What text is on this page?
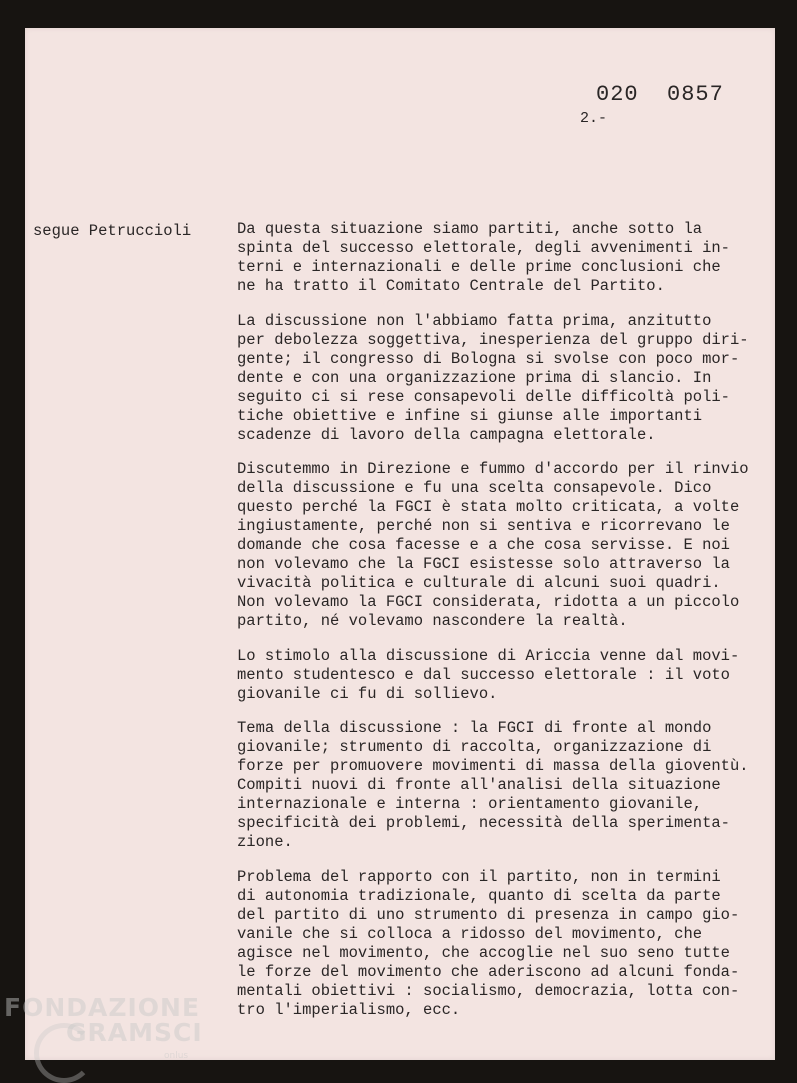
020  0857
2.-
segue Petruccioli	Da questa situazione siamo partiti, anche sotto la
spinta del successo elettorale, degli avvenimenti in-
terni e internazionali e delle prime conclusioni che
ne ha tratto il Comitato Centrale del Partito.
La discussione non l'abbiamo fatta prima, anzitutto
per debolezza soggettiva, inesperienza del gruppo diri-
gente; il congresso di Bologna si svolse con poco mor-
dente e con una organizzazione prima di slancio. In
seguito ci si rese consapevoli delle difficoltà poli-
tiche obiettive e infine si giunse alle importanti
scadenze di lavoro della campagna elettorale.
Discutemmo in Direzione e fummo d'accordo per il rinvio
della discussione e fu una scelta consapevole. Dico
questo perché la FGCI è stata molto criticata, a volte
ingiustamente, perché non si sentiva e ricorrevano le
domande che cosa facesse e a che cosa servisse. E noi
non volevamo che la FGCI esistesse solo attraverso la
vivacità politica e culturale di alcuni suoi quadri.
Non volevamo la FGCI considerata, ridotta a un piccolo
partito, né volevamo nascondere la realtà.
Lo stimolo alla discussione di Ariccia venne dal movi-
mento studentesco e dal successo elettorale : il voto
giovanile ci fu di sollievo.
Tema della discussione : la FGCI di fronte al mondo
giovanile; strumento di raccolta, organizzazione di
forze per promuovere movimenti di massa della gioventù.
Compiti nuovi di fronte all'analisi della situazione
internazionale e interna : orientamento giovanile,
specificità dei problemi, necessità della sperimenta-
zione.
Problema del rapporto con il partito, non in termini
di autonomia tradizionale, quanto di scelta da parte
del partito di uno strumento di presenza in campo gio-
vanile che si colloca a ridosso del movimento, che
agisce nel movimento, che accoglie nel suo seno tutte
le forze del movimento che aderiscono ad alcuni fonda-
mentali obiettivi : socialismo, democrazia, lotta con-
tro l'imperialismo, ecc.
FONDAZIONE
GRAMSCI
onlus
